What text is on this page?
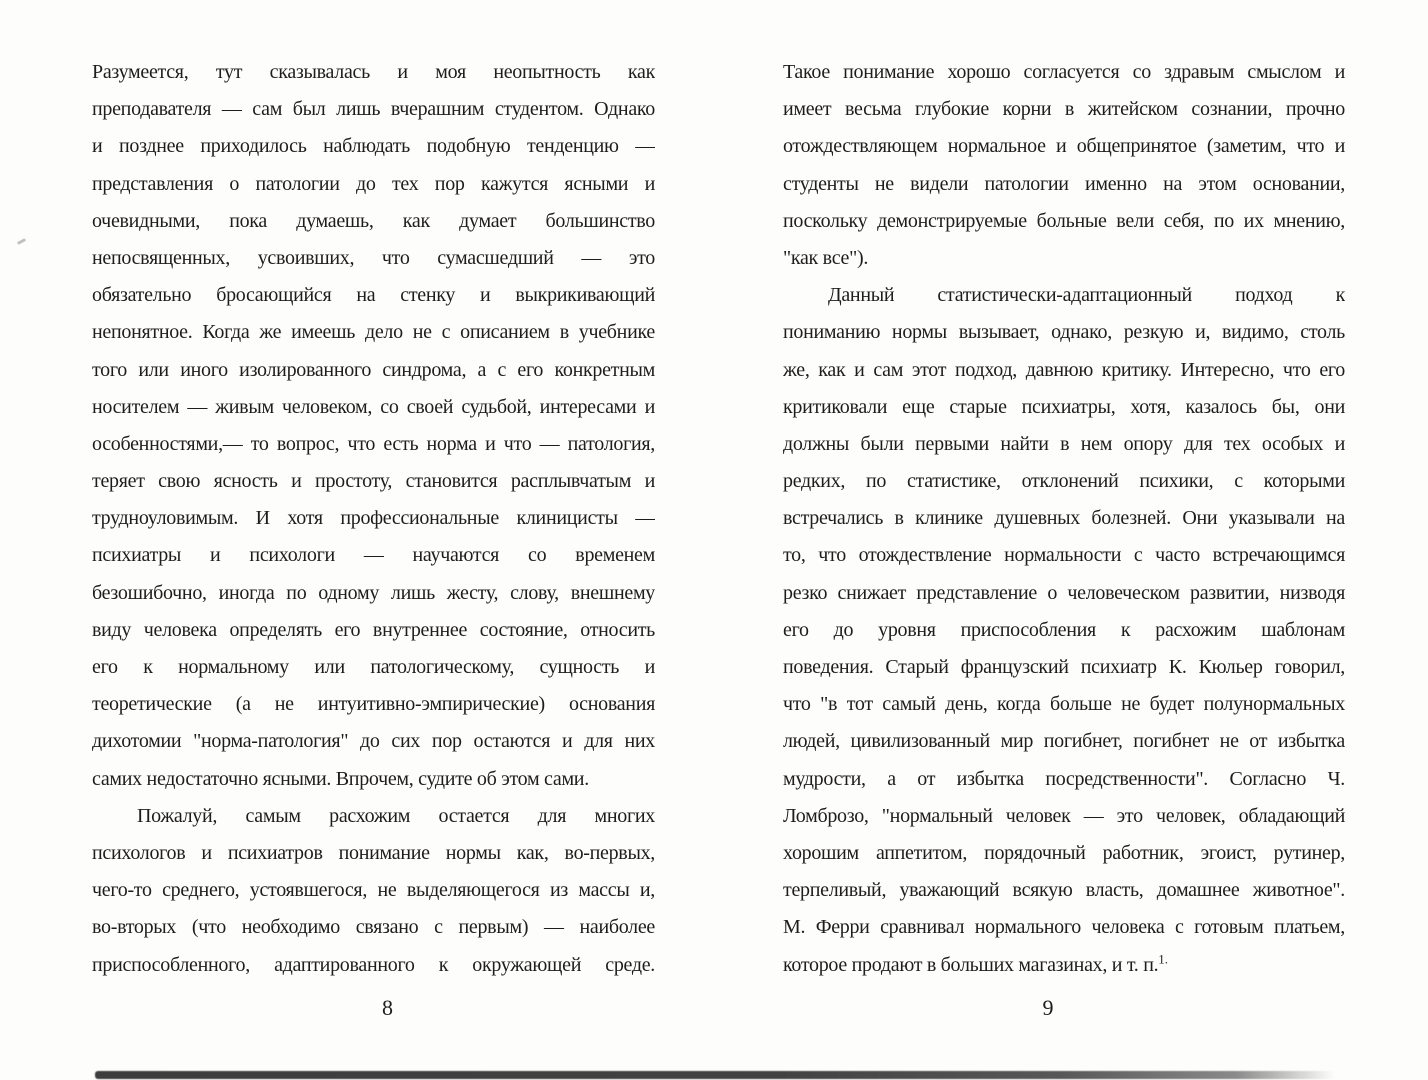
Разумеется, тут сказывалась и моя неопытность как
преподавателя — сам был лишь вчерашним студентом. Однако
и позднее приходилось наблюдать подобную тенденцию —
представления о патологии до тех пор кажутся ясными и
очевидными, пока думаешь, как думает большинство
непосвященных, усвоивших, что сумасшедший — это
обязательно бросающийся на стенку и выкрикивающий
непонятное. Когда же имеешь дело не с описанием в учебнике
того или иного изолированного синдрома, а с его конкретным
носителем — живым человеком, со своей судьбой, интересами и
особенностями,— то вопрос, что есть норма и что — патология,
теряет свою ясность и простоту, становится расплывчатым и
трудноуловимым. И хотя профессиональные клиницисты —
психиатры и психологи — научаются со временем
безошибочно, иногда по одному лишь жесту, слову, внешнему
виду человека определять его внутреннее состояние, относить
его к нормальному или патологическому, сущность и
теоретические (а не интуитивно-эмпирические) основания
дихотомии "норма-патология" до сих пор остаются и для них
самих недостаточно ясными. Впрочем, судите об этом сами.
Пожалуй, самым расхожим остается для многих
психологов и психиатров понимание нормы как, во-первых,
чего-то среднего, устоявшегося, не выделяющегося из массы и,
во-вторых (что необходимо связано с первым) — наиболее
приспособленного, адаптированного к окружающей среде.
8
Такое понимание хорошо согласуется со здравым смыслом и
имеет весьма глубокие корни в житейском сознании, прочно
отождествляющем нормальное и общепринятое (заметим, что и
студенты не видели патологии именно на этом основании,
поскольку демонстрируемые больные вели себя, по их мнению,
"как все").
Данный статистически-адаптационный подход к
пониманию нормы вызывает, однако, резкую и, видимо, столь
же, как и сам этот подход, давнюю критику. Интересно, что его
критиковали еще старые психиатры, хотя, казалось бы, они
должны были первыми найти в нем опору для тех особых и
редких, по статистике, отклонений психики, с которыми
встречались в клинике душевных болезней. Они указывали на
то, что отождествление нормальности с часто встречающимся
резко снижает представление о человеческом развитии, низводя
его до уровня приспособления к расхожим шаблонам
поведения. Старый французский психиатр К. Кюльер говорил,
что "в тот самый день, когда больше не будет полунормальных
людей, цивилизованный мир погибнет, погибнет не от избытка
мудрости, а от избытка посредственности". Согласно Ч.
Ломброзо, "нормальный человек — это человек, обладающий
хорошим аппетитом, порядочный работник, эгоист, рутинер,
терпеливый, уважающий всякую власть, домашнее животное".
М. Ферри сравнивал нормального человека с готовым платьем,
которое продают в больших магазинах, и т. п.$^{1.}$
9
